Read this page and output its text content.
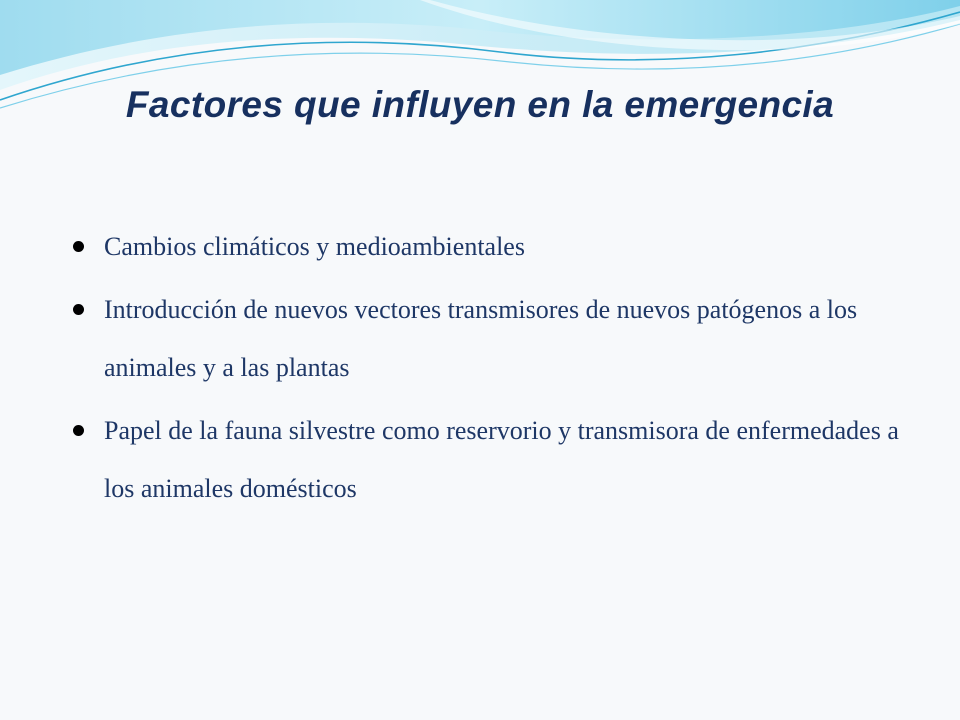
Factores que influyen en la emergencia
Cambios climáticos y medioambientales
Introducción de nuevos vectores transmisores de nuevos patógenos a los animales y a las plantas
Papel de la fauna silvestre como reservorio y transmisora de enfermedades a los animales domésticos
